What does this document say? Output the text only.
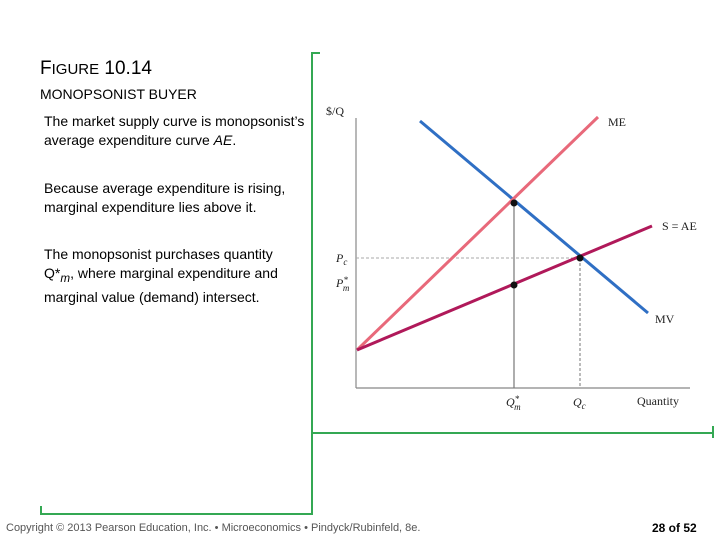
FIGURE 10.14
MONOPSONIST BUYER
The market supply curve is monopsonist’s average expenditure curve AE.
Because average expenditure is rising, marginal expenditure lies above it.
The monopsonist purchases quantity $Q*_m$, where marginal expenditure and marginal value (demand) intersect.
$/Q
Quantity
ME
S = AE
MV
$P_c$
P* m
Q* m	$Q_c$
Copyright © 2013 Pearson Education, Inc. • Microeconomics • Pindyck/Rubinfeld, 8e.	28 of 52
